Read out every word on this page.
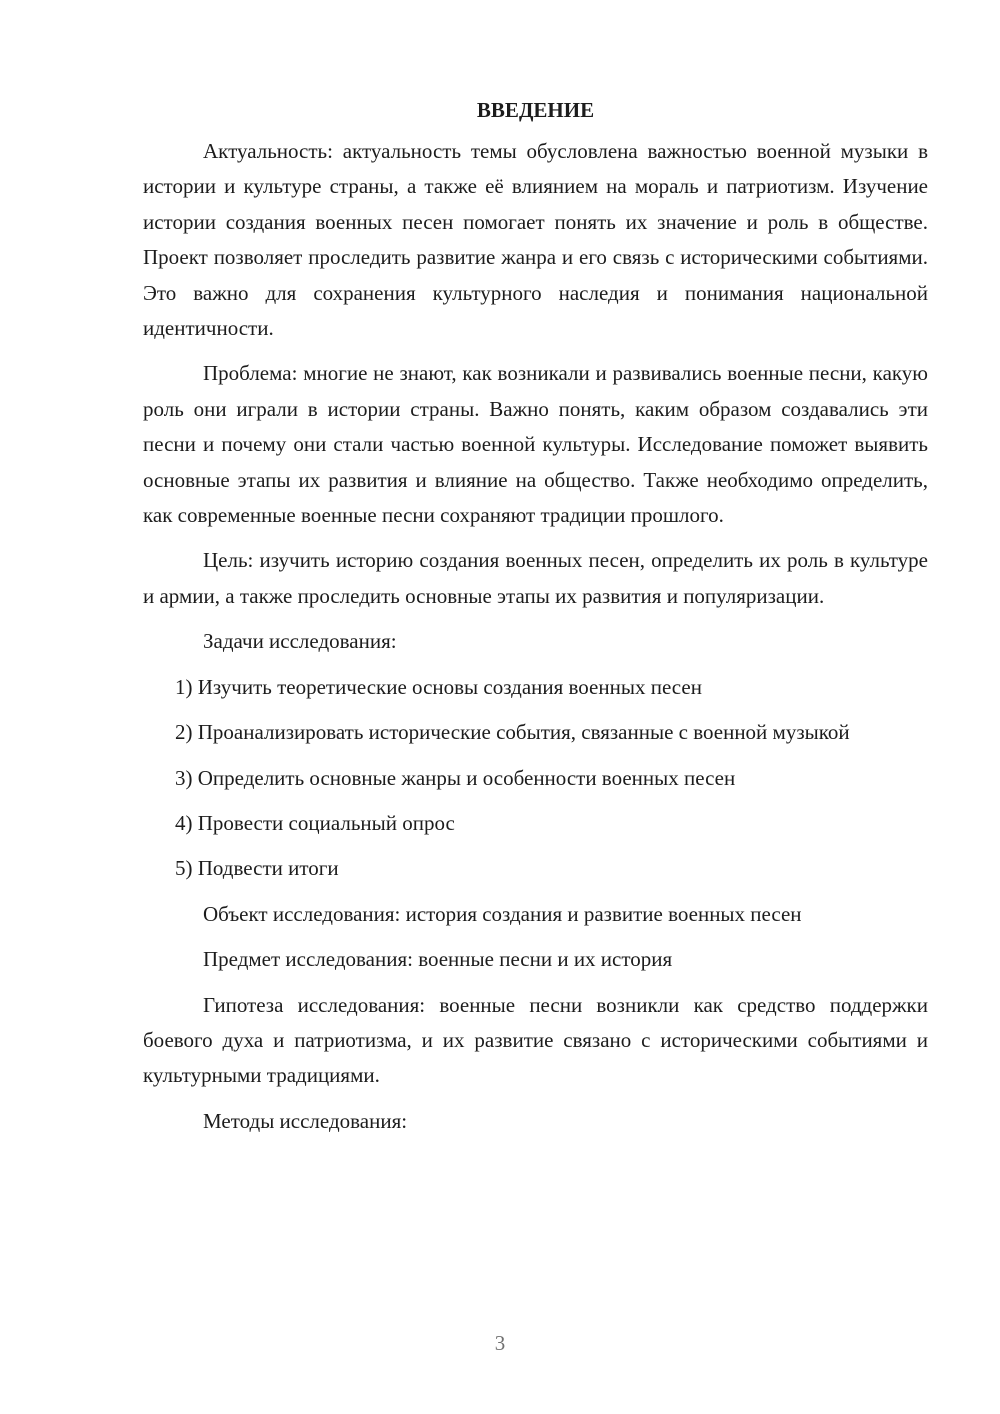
ВВЕДЕНИЕ

Актуальность: актуальность темы обусловлена важностью военной музыки в истории и культуре страны, а также её влиянием на мораль и патриотизм. Изучение истории создания военных песен помогает понять их значение и роль в обществе. Проект позволяет проследить развитие жанра и его связь с историческими событиями. Это важно для сохранения культурного наследия и понимания национальной идентичности.

Проблема: многие не знают, как возникали и развивались военные песни, какую роль они играли в истории страны. Важно понять, каким образом создавались эти песни и почему они стали частью военной культуры. Исследование поможет выявить основные этапы их развития и влияние на общество. Также необходимо определить, как современные военные песни сохраняют традиции прошлого.

Цель: изучить историю создания военных песен, определить их роль в культуре и армии, а также проследить основные этапы их развития и популяризации.

Задачи исследования:

1) Изучить теоретические основы создания военных песен

2) Проанализировать исторические события, связанные с военной музыкой

3) Определить основные жанры и особенности военных песен

4) Провести социальный опрос

5) Подвести итоги

Объект исследования: история создания и развитие военных песен

Предмет исследования: военные песни и их история

Гипотеза исследования: военные песни возникли как средство поддержки боевого духа и патриотизма, и их развитие связано с историческими событиями и культурными традициями.

Методы исследования:

3
